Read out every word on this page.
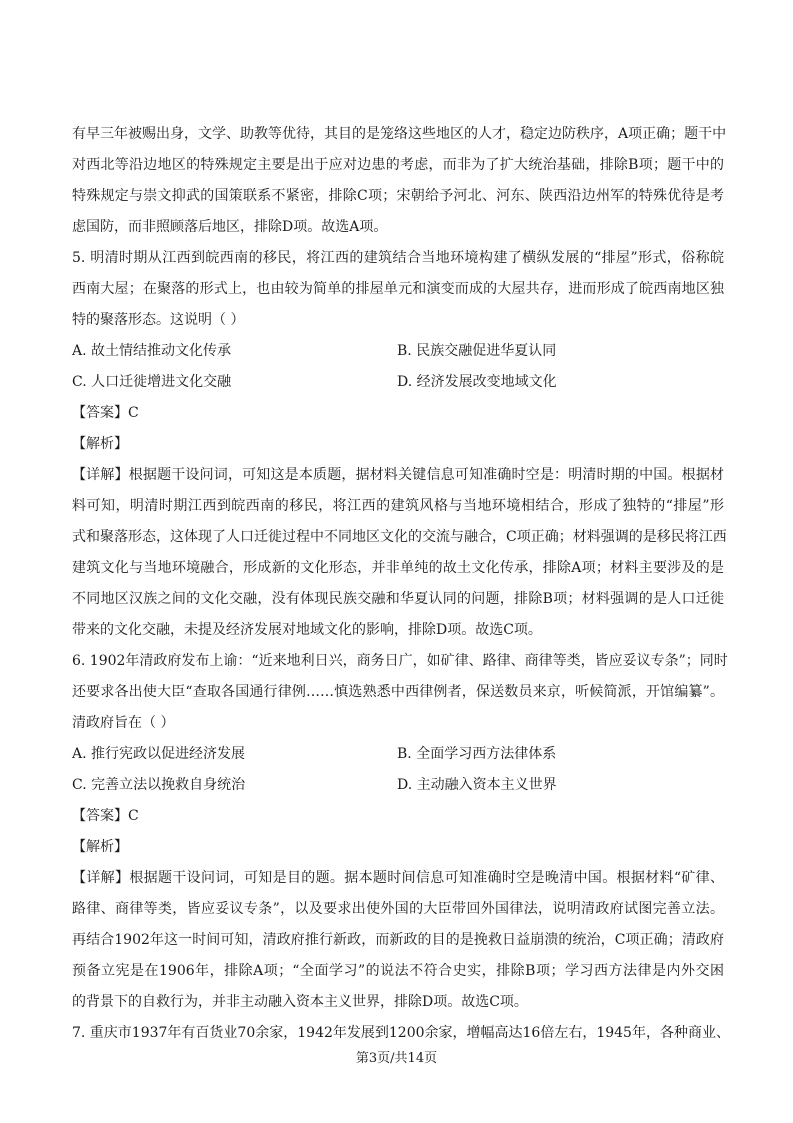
有早三年被赐出身，文学、助教等优待，其目的是笼络这些地区的人才，稳定边防秩序，A项正确；题干中
对西北等沿边地区的特殊规定主要是出于应对边患的考虑，而非为了扩大统治基础，排除B项；题干中的
特殊规定与崇文抑武的国策联系不紧密，排除C项；宋朝给予河北、河东、陕西沿边州军的特殊优待是考
虑国防，而非照顾落后地区，排除D项。故选A项。
5. 明清时期从江西到皖西南的移民，将江西的建筑结合当地环境构建了横纵发展的“排屋”形式，俗称皖
西南大屋；在聚落的形式上，也由较为简单的排屋单元和演变而成的大屋共存，进而形成了皖西南地区独
特的聚落形态。这说明（ ）
A. 故土情结推动文化传承	B. 民族交融促进华夏认同
C. 人口迁徙增进文化交融	D. 经济发展改变地域文化
【答案】C
【解析】
【详解】根据题干设问词，可知这是本质题，据材料关键信息可知准确时空是：明清时期的中国。根据材
料可知，明清时期江西到皖西南的移民，将江西的建筑风格与当地环境相结合，形成了独特的“排屋”形
式和聚落形态，这体现了人口迁徙过程中不同地区文化的交流与融合，C项正确；材料强调的是移民将江西
建筑文化与当地环境融合，形成新的文化形态，并非单纯的故土文化传承，排除A项；材料主要涉及的是
不同地区汉族之间的文化交融，没有体现民族交融和华夏认同的问题，排除B项；材料强调的是人口迁徙
带来的文化交融，未提及经济发展对地域文化的影响，排除D项。故选C项。
6. 1902年清政府发布上谕：“近来地利日兴，商务日广，如矿律、路律、商律等类，皆应妥议专条”；同时
还要求各出使大臣“查取各国通行律例……慎选熟悉中西律例者，保送数员来京，听候简派，开馆编纂”。
清政府旨在（ ）
A. 推行宪政以促进经济发展	B. 全面学习西方法律体系
C. 完善立法以挽救自身统治	D. 主动融入资本主义世界
【答案】C
【解析】
【详解】根据题干设问词，可知是目的题。据本题时间信息可知准确时空是晚清中国。根据材料“矿律、
路律、商律等类，皆应妥议专条”，以及要求出使外国的大臣带回外国律法，说明清政府试图完善立法。
再结合1902年这一时间可知，清政府推行新政，而新政的目的是挽救日益崩溃的统治，C项正确；清政府
预备立宪是在1906年，排除A项；“全面学习”的说法不符合史实，排除B项；学习西方法律是内外交困
的背景下的自救行为，并非主动融入资本主义世界，排除D项。故选C项。
7. 重庆市1937年有百货业70余家，1942年发展到1200余家，增幅高达16倍左右，1945年，各种商业、
第3页/共14页
